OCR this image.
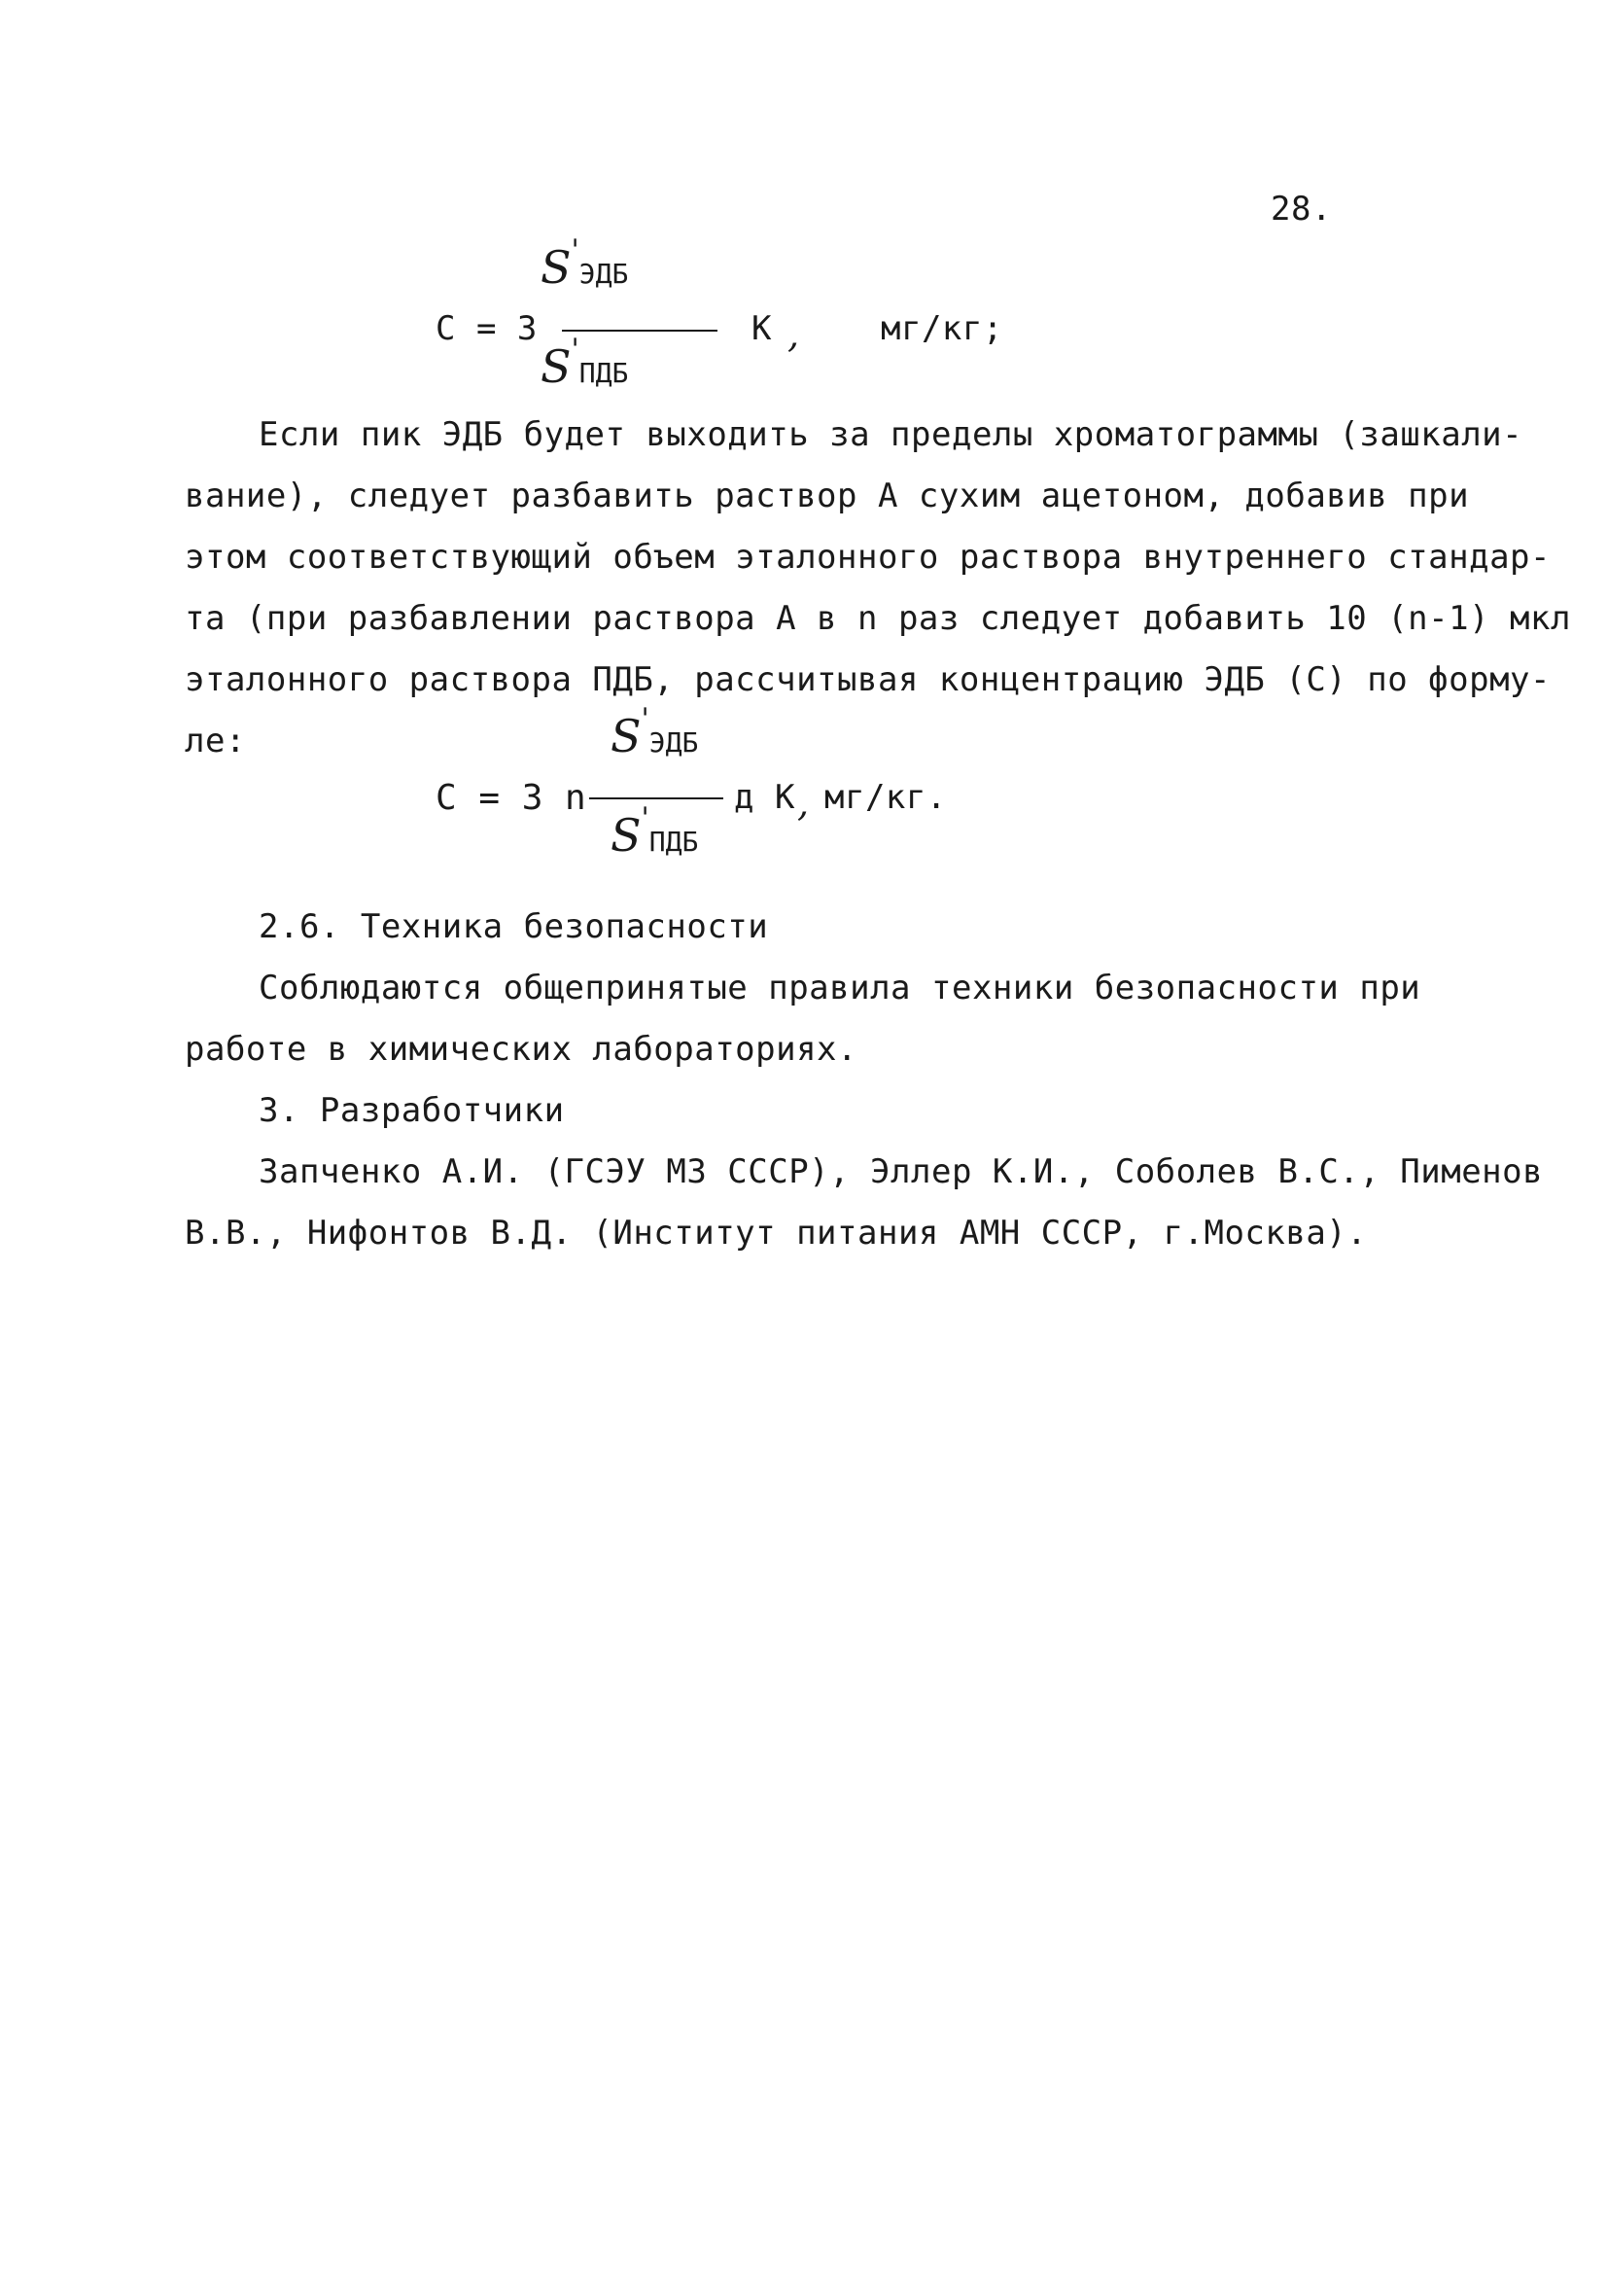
28.
C = 3
S'ЭДБ
S'ПДБ
К , мг/кг;
Если пик ЭДБ будет выходить за пределы хроматограммы (зашкали-
вание), следует разбавить раствор А сухим ацетоном, добавив при
этом соответствующий объем эталонного раствора внутреннего стандар-
та (при разбавлении раствора А в n раз следует добавить 10 (n-1) мкл
эталонного раствора ПДБ, рассчитывая концентрацию ЭДБ (С) по форму-
ле:
C = 3 n
S'ЭДБ
S'ПДБ
д К , мг/кг.
2.6. Техника безопасности
Соблюдаются общепринятые правила техники безопасности при
работе в химических лабораториях.
3. Разработчики
Запченко А.И. (ГСЭУ МЗ СССР), Эллер К.И., Соболев В.С., Пименов
В.В., Нифонтов В.Д. (Институт питания АМН СССР, г.Москва).
